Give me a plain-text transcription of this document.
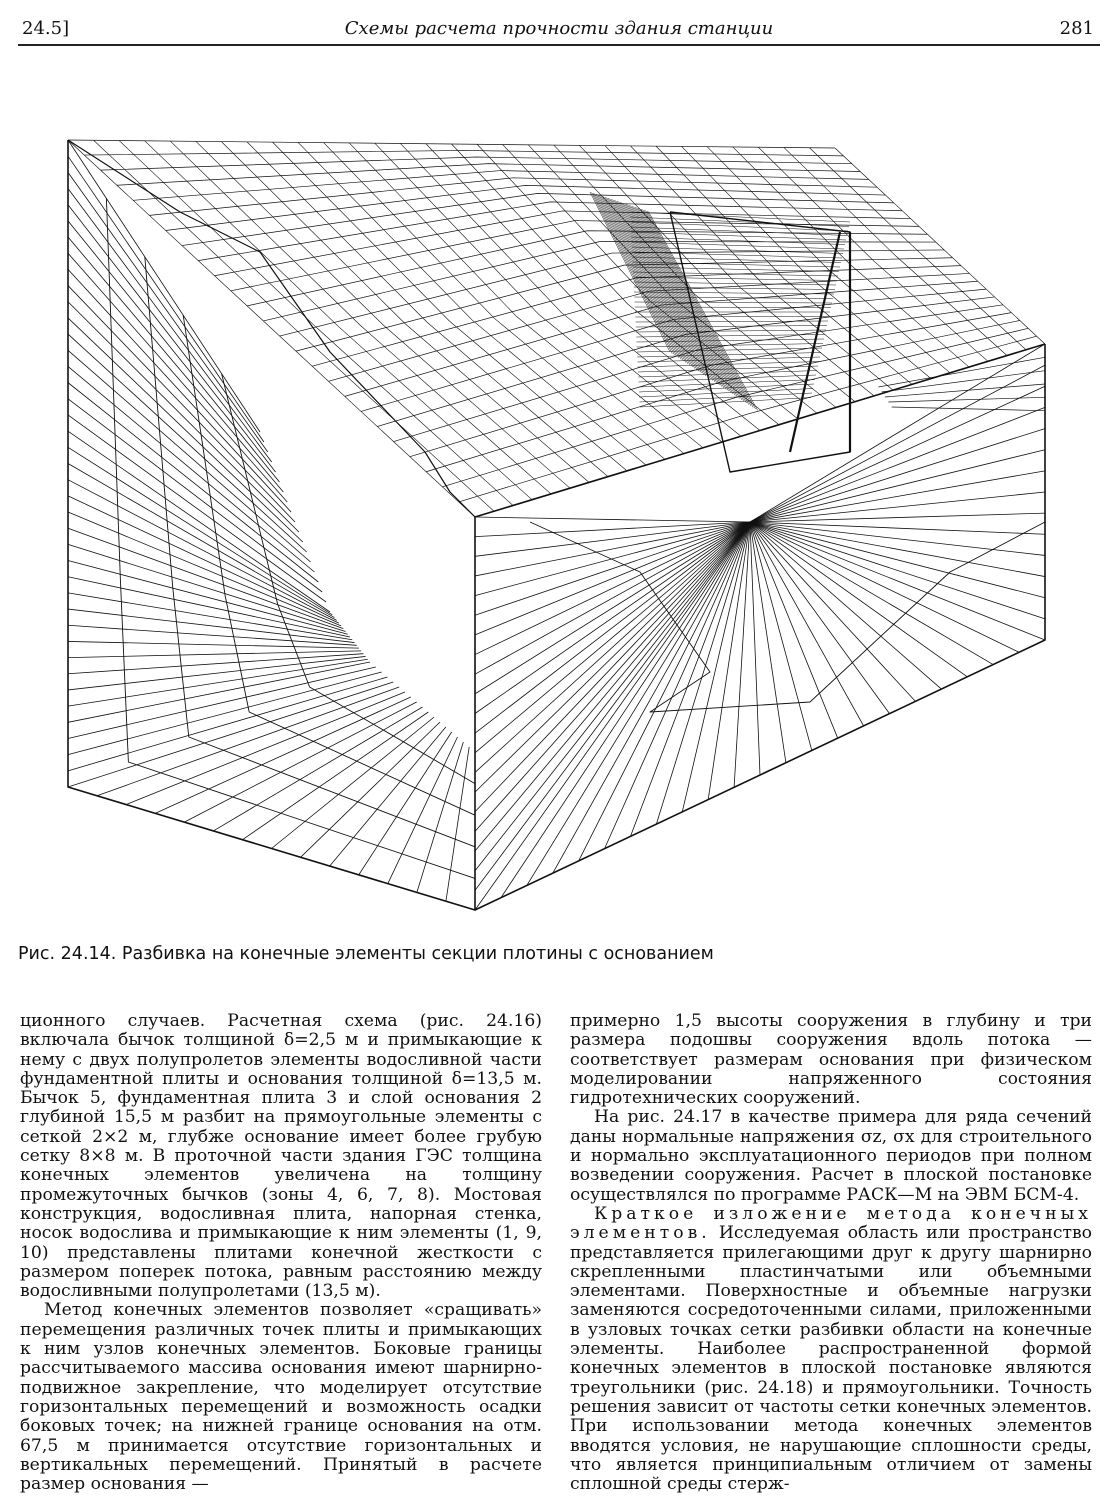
24.5]	Схемы расчета прочности здания станции	281
Рис. 24.14. Разбивка на конечные элементы секции плотины с основанием

ционного случаев. Расчетная схема (рис. 24.16) включала бычок толщиной δ=2,5 м и примыкающие к нему с двух полупролетов элементы водосливной части фундаментной плиты и основания толщиной δ=13,5 м. Бычок 5, фундаментная плита 3 и слой основания 2 глубиной 15,5 м разбит на прямоугольные элементы с сеткой 2×2 м, глубже основание имеет более грубую сетку 8×8 м. В проточной части здания ГЭС толщина конечных элементов увеличена на толщину промежуточных бычков (зоны 4, 6, 7, 8). Мостовая конструкция, водосливная плита, напорная стенка, носок водослива и примыкающие к ним элементы (1, 9, 10) представлены плитами конечной жесткости с размером поперек потока, равным расстоянию между водосливными полупролетами (13,5 м).

Метод конечных элементов позволяет «сращивать» перемещения различных точек плиты и примыкающих к ним узлов конечных элементов. Боковые границы рассчитываемого массива основания имеют шарнирно-подвижное закрепление, что моделирует отсутствие горизонтальных перемещений и возможность осадки боковых точек; на нижней границе основания на отм. 67,5 м принимается отсутствие горизонтальных и вертикальных перемещений. Принятый в расчете размер основания —

примерно 1,5 высоты сооружения в глубину и три размера подошвы сооружения вдоль потока — соответствует размерам основания при физическом моделировании напряженного состояния гидротехнических сооружений.

На рис. 24.17 в качестве примера для ряда сечений даны нормальные напряжения σz, σx для строительного и нормально эксплуатационного периодов при полном возведении сооружения. Расчет в плоской постановке осуществлялся по программе РАСК—М на ЭВМ БСМ-4.

Краткое изложение метода конечных элементов. Исследуемая область или пространство представляется прилегающими друг к другу шарнирно скрепленными пластинчатыми или объемными элементами. Поверхностные и объемные нагрузки заменяются сосредоточенными силами, приложенными в узловых точках сетки разбивки области на конечные элементы. Наиболее распространенной формой конечных элементов в плоской постановке являются треугольники (рис. 24.18) и прямоугольники. Точность решения зависит от частоты сетки конечных элементов. При использовании метода конечных элементов вводятся условия, не нарушающие сплошности среды, что является принципиальным отличием от замены сплошной среды стерж-
